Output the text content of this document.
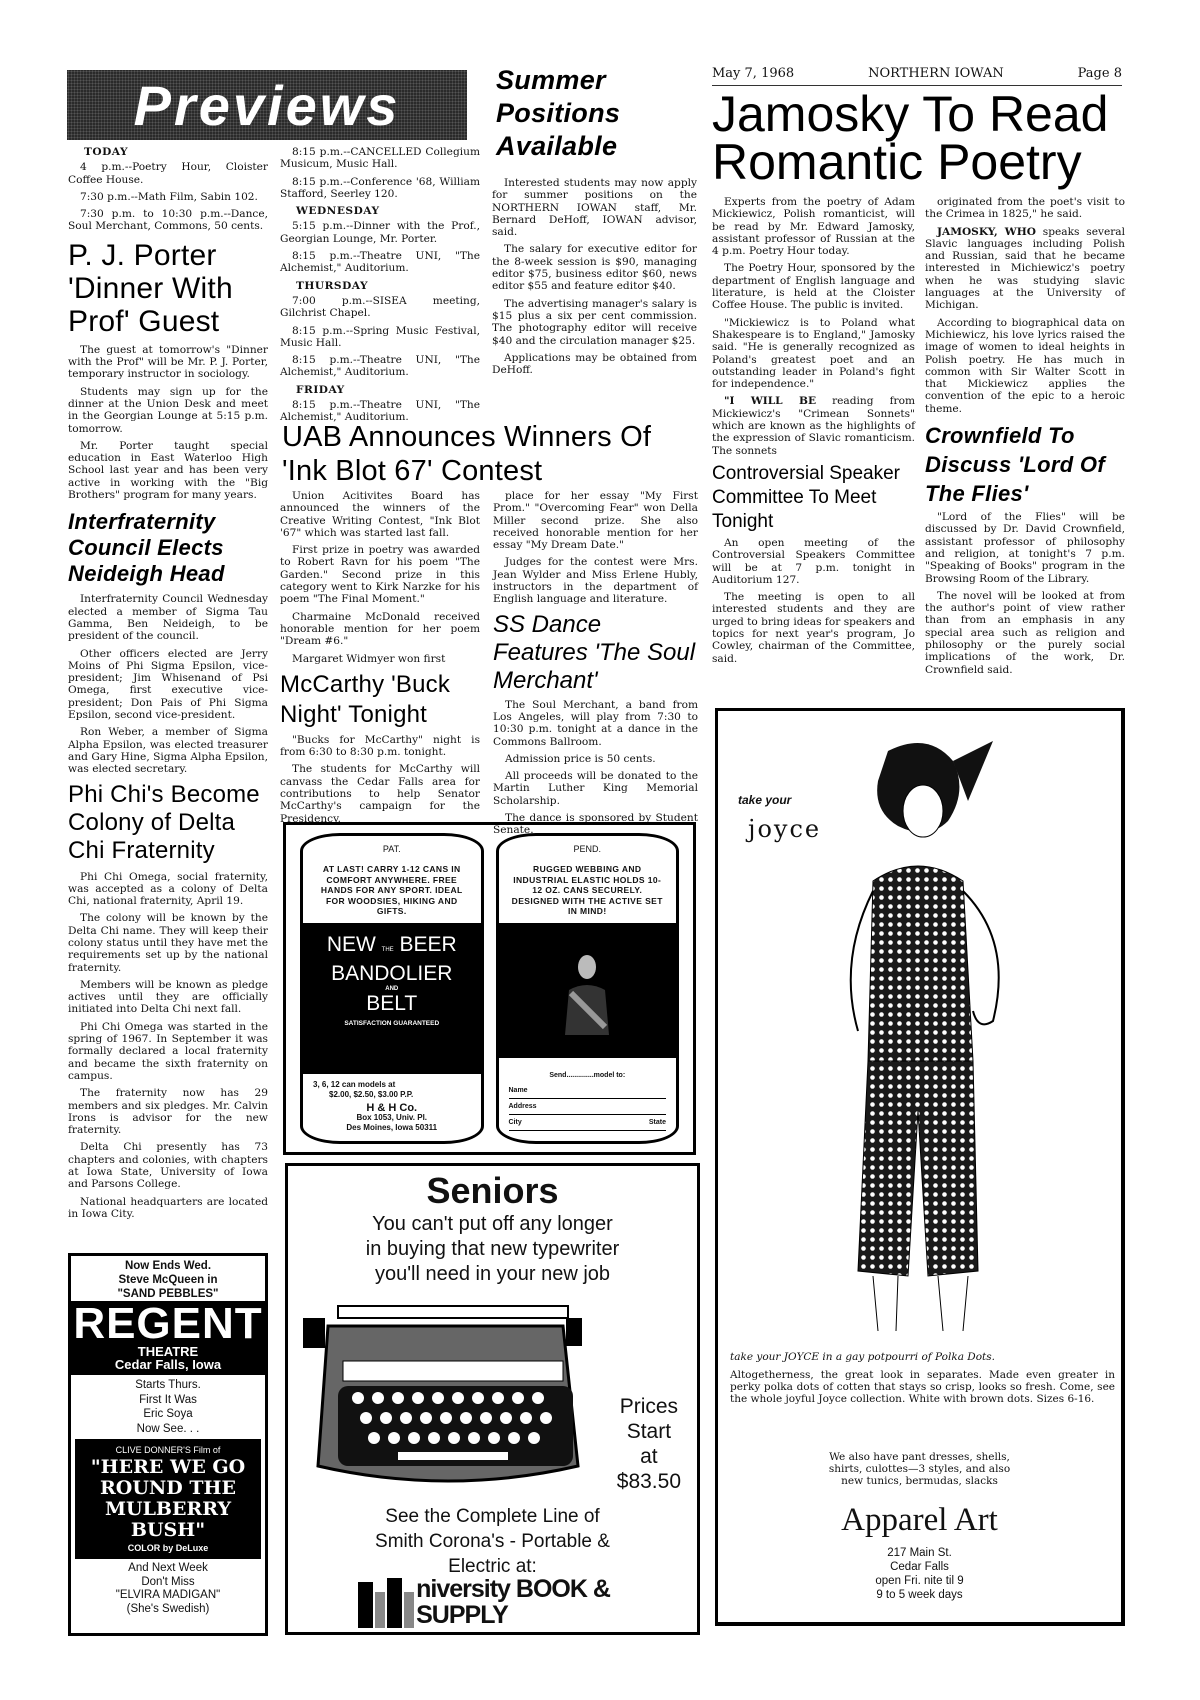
May 7, 1968	NORTHERN IOWAN	Page 8
Previews

TODAY

4 p.m.--Poetry Hour, Cloister Coffee House.

7:30 p.m.--Math Film, Sabin 102.

7:30 p.m. to 10:30 p.m.--Dance, Soul Merchant, Commons, 50 cents.

P. J. Porter 'Dinner With Prof' Guest

The guest at tomorrow's "Dinner with the Prof" will be Mr. P. J. Porter, temporary instructor in sociology.

Students may sign up for the dinner at the Union Desk and meet in the Georgian Lounge at 5:15 p.m. tomorrow.

Mr. Porter taught special education in East Waterloo High School last year and has been very active in working with the "Big Brothers" program for many years.

Interfraternity Council Elects Neideigh Head

Interfraternity Council Wednesday elected a member of Sigma Tau Gamma, Ben Neideigh, to be president of the council.

Other officers elected are Jerry Moins of Phi Sigma Epsilon, vice-president; Jim Whisenand of Psi Omega, first executive vice-president; Don Pais of Phi Sigma Epsilon, second vice-president.

Ron Weber, a member of Sigma Alpha Epsilon, was elected treasurer and Gary Hine, Sigma Alpha Epsilon, was elected secretary.

Phi Chi's Become Colony of Delta Chi Fraternity

Phi Chi Omega, social fraternity, was accepted as a colony of Delta Chi, national fraternity, April 19.

The colony will be known by the Delta Chi name. They will keep their colony status until they have met the requirements set up by the national fraternity.

Members will be known as pledge actives until they are officially initiated into Delta Chi next fall.

Phi Chi Omega was started in the spring of 1967. In September it was formally declared a local fraternity and became the sixth fraternity on campus.

The fraternity now has 29 members and six pledges. Mr. Calvin Irons is advisor for the new fraternity.

Delta Chi presently has 73 chapters and colonies, with chapters at Iowa State, University of Iowa and Parsons College.

National headquarters are located in Iowa City.

8:15 p.m.--CANCELLED Collegium Musicum, Music Hall.

8:15 p.m.--Conference '68, William Stafford, Seerley 120.

WEDNESDAY

5:15 p.m.--Dinner with the Prof., Georgian Lounge, Mr. Porter.

8:15 p.m.--Theatre UNI, "The Alchemist," Auditorium.

THURSDAY

7:00 p.m.--SISEA meeting, Gilchrist Chapel.

8:15 p.m.--Spring Music Festival, Music Hall.

8:15 p.m.--Theatre UNI, "The Alchemist," Auditorium.

FRIDAY

8:15 p.m.--Theatre UNI, "The Alchemist," Auditorium.

Summer Positions Available

Interested students may now apply for summer positions on the NORTHERN IOWAN staff, Mr. Bernard DeHoff, IOWAN advisor, said.

The salary for executive editor for the 8-week session is $90, managing editor $75, business editor $60, news editor $55 and feature editor $40.

The advertising manager's salary is $15 plus a six per cent commission. The photography editor will receive $40 and the circulation manager $25.

Applications may be obtained from DeHoff.

UAB Announces Winners Of 'Ink Blot 67' Contest

Union Acitivites Board has announced the winners of the Creative Writing Contest, "Ink Blot '67" which was started last fall.

First prize in poetry was awarded to Robert Ravn for his poem "The Garden." Second prize in this category went to Kirk Narzke for his poem "The Final Moment."

Charmaine McDonald received honorable mention for her poem "Dream #6."

Margaret Widmyer won first

McCarthy 'Buck Night' Tonight

"Bucks for McCarthy" night is from 6:30 to 8:30 p.m. tonight.

The students for McCarthy will canvass the Cedar Falls area for contributions to help Senator McCarthy's campaign for the Presidency.

place for her essay "My First Prom." "Overcoming Fear" won Della Miller second prize. She also received honorable mention for her essay "My Dream Date."

Judges for the contest were Mrs. Jean Wylder and Miss Erlene Hubly, instructors in the department of English language and literature.

SS Dance Features 'The Soul Merchant'

The Soul Merchant, a band from Los Angeles, will play from 7:30 to 10:30 p.m. tonight at a dance in the Commons Ballroom.

Admission price is 50 cents.

All proceeds will be donated to the Martin Luther King Memorial Scholarship.

The dance is sponsored by Student Senate.

Jamosky To Read Romantic Poetry

Experts from the poetry of Adam Mickiewicz, Polish romanticist, will be read by Mr. Edward Jamosky, assistant professor of Russian at the 4 p.m. Poetry Hour today.

The Poetry Hour, sponsored by the department of English language and literature, is held at the Cloister Coffee House. The public is invited.

"Mickiewicz is to Poland what Shakespeare is to England," Jamosky said. "He is generally recognized as Poland's greatest poet and an outstanding leader in Poland's fight for independence."

"I WILL BE reading from Mickiewicz's "Crimean Sonnets" which are known as the highlights of the expression of Slavic romanticism. The sonnets

Controversial Speaker Committee To Meet Tonight

An open meeting of the Controversial Speakers Committee will be at 7 p.m. tonight in Auditorium 127.

The meeting is open to all interested students and they are urged to bring ideas for speakers and topics for next year's program, Jo Cowley, chairman of the Committee, said.

originated from the poet's visit to the Crimea in 1825," he said.

JAMOSKY, WHO speaks several Slavic languages including Polish and Russian, said that he became interested in Michiewicz's poetry when he was studying slavic languages at the University of Michigan.

According to biographical data on Michiewicz, his love lyrics raised the image of women to ideal heights in Polish poetry. He has much in common with Sir Walter Scott in that Mickiewicz applies the convention of the epic to a heroic theme.

Crownfield To Discuss 'Lord Of The Flies'

"Lord of the Flies" will be discussed by Dr. David Crownfield, assistant professor of philosophy and religion, at tonight's 7 p.m. "Speaking of Books" program in the Browsing Room of the Library.

The novel will be looked at from the author's point of view rather than from an emphasis in any special area such as religion and philosophy or the purely social implications of the work, Dr. Crownfield said.

Now Ends Wed.
Steve McQueen in
"SAND PEBBLES"
REGENT
THEATRE
Cedar Falls, Iowa
Starts Thurs.
First It Was
Eric Soya
Now See. . .
CLIVE DONNER'S Film of
"HERE WE GO ROUND THE MULBERRY BUSH"
COLOR by DeLuxe
And Next Week
Don't Miss
"ELVIRA MADIGAN"
(She's Swedish)
PAT.
AT LAST! CARRY 1-12 CANS IN COMFORT ANYWHERE. FREE HANDS FOR ANY SPORT. IDEAL FOR WOODSIES, HIKING AND GIFTS.
NEW THE BEER
BANDOLIER
AND
BELT
SATISFACTION GUARANTEED
3, 6, 12 can models at
$2.00, $2.50, $3.00 P.P.
H & H Co.
Box 1053, Univ. Pl.
Des Moines, Iowa 50311
PEND.
RUGGED WEBBING AND INDUSTRIAL ELASTIC HOLDS 10-12 OZ. CANS SECURELY. DESIGNED WITH THE ACTIVE SET IN MIND!
Send..............model to:
Name
Address
City	State
Seniors
You can't put off any longer
in buying that new typewriter
you'll need in your new job
Prices
Start
at
$83.50
See the Complete Line of
Smith Corona's - Portable &
Electric at:
niversity BOOK & SUPPLY
take your
joyce
take your JOYCE in a gay potpourri of Polka Dots.
Altogetherness, the great look in separates. Made even greater in perky polka dots of cotten that stays so crisp, looks so fresh. Come, see the whole joyful Joyce collection. White with brown dots. Sizes 6-16.
We also have pant dresses, shells,
shirts, culottes—3 styles, and also
new tunics, bermudas, slacks
Apparel Art
217 Main St.
Cedar Falls
open Fri. nite til 9
9 to 5 week days
